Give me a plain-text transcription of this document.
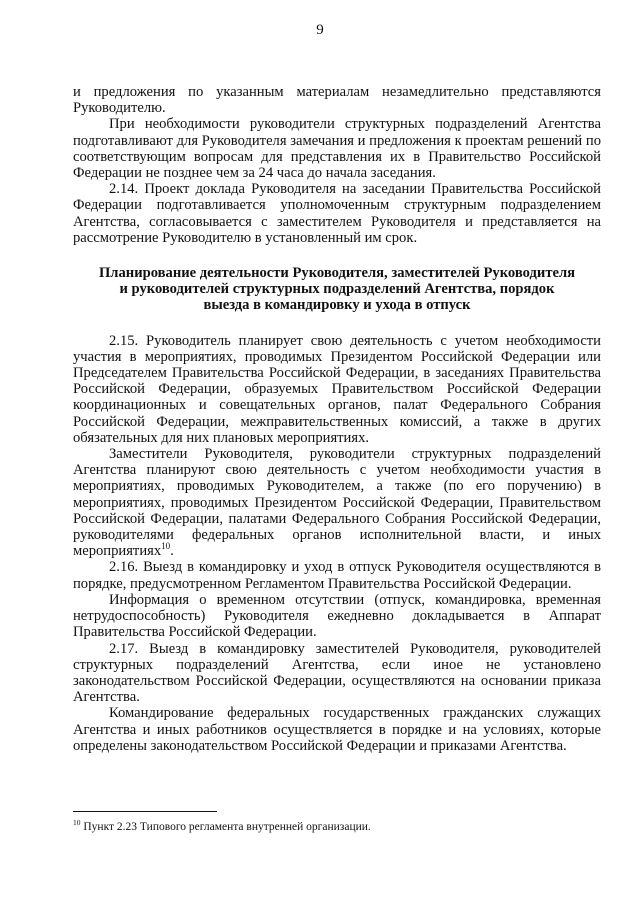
9

и предложения по указанным материалам незамедлительно представляются Руководителю.

При необходимости руководители структурных подразделений Агентства подготавливают для Руководителя замечания и предложения к проектам решений по соответствующим вопросам для представления их в Правительство Российской Федерации не позднее чем за 24 часа до начала заседания.

2.14. Проект доклада Руководителя на заседании Правительства Российской Федерации подготавливается уполномоченным структурным подразделением Агентства, согласовывается с заместителем Руководителя и представляется на рассмотрение Руководителю в установленный им срок.

Планирование деятельности Руководителя, заместителей Руководителя
и руководителей структурных подразделений Агентства, порядок
выезда в командировку и ухода в отпуск

2.15. Руководитель планирует свою деятельность с учетом необходимости участия в мероприятиях, проводимых Президентом Российской Федерации или Председателем Правительства Российской Федерации, в заседаниях Правительства Российской Федерации, образуемых Правительством Российской Федерации координационных и совещательных органов, палат Федерального Собрания Российской Федерации, межправительственных комиссий, а также в других обязательных для них плановых мероприятиях.

Заместители Руководителя, руководители структурных подразделений Агентства планируют свою деятельность с учетом необходимости участия в мероприятиях, проводимых Руководителем, а также (по его поручению) в мероприятиях, проводимых Президентом Российской Федерации, Правительством Российской Федерации, палатами Федерального Собрания Российской Федерации, руководителями федеральных органов исполнительной власти, и иных мероприятиях$^{10}$.

2.16. Выезд в командировку и уход в отпуск Руководителя осуществляются в порядке, предусмотренном Регламентом Правительства Российской Федерации.

Информация о временном отсутствии (отпуск, командировка, временная нетрудоспособность) Руководителя ежедневно докладывается в Аппарат Правительства Российской Федерации.

2.17. Выезд в командировку заместителей Руководителя, руководителей структурных подразделений Агентства, если иное не установлено законодательством Российской Федерации, осуществляются на основании приказа Агентства.

Командирование федеральных государственных гражданских служащих Агентства и иных работников осуществляется в порядке и на условиях, которые определены законодательством Российской Федерации и приказами Агентства.

$^{10}$ Пункт 2.23 Типового регламента внутренней организации.
